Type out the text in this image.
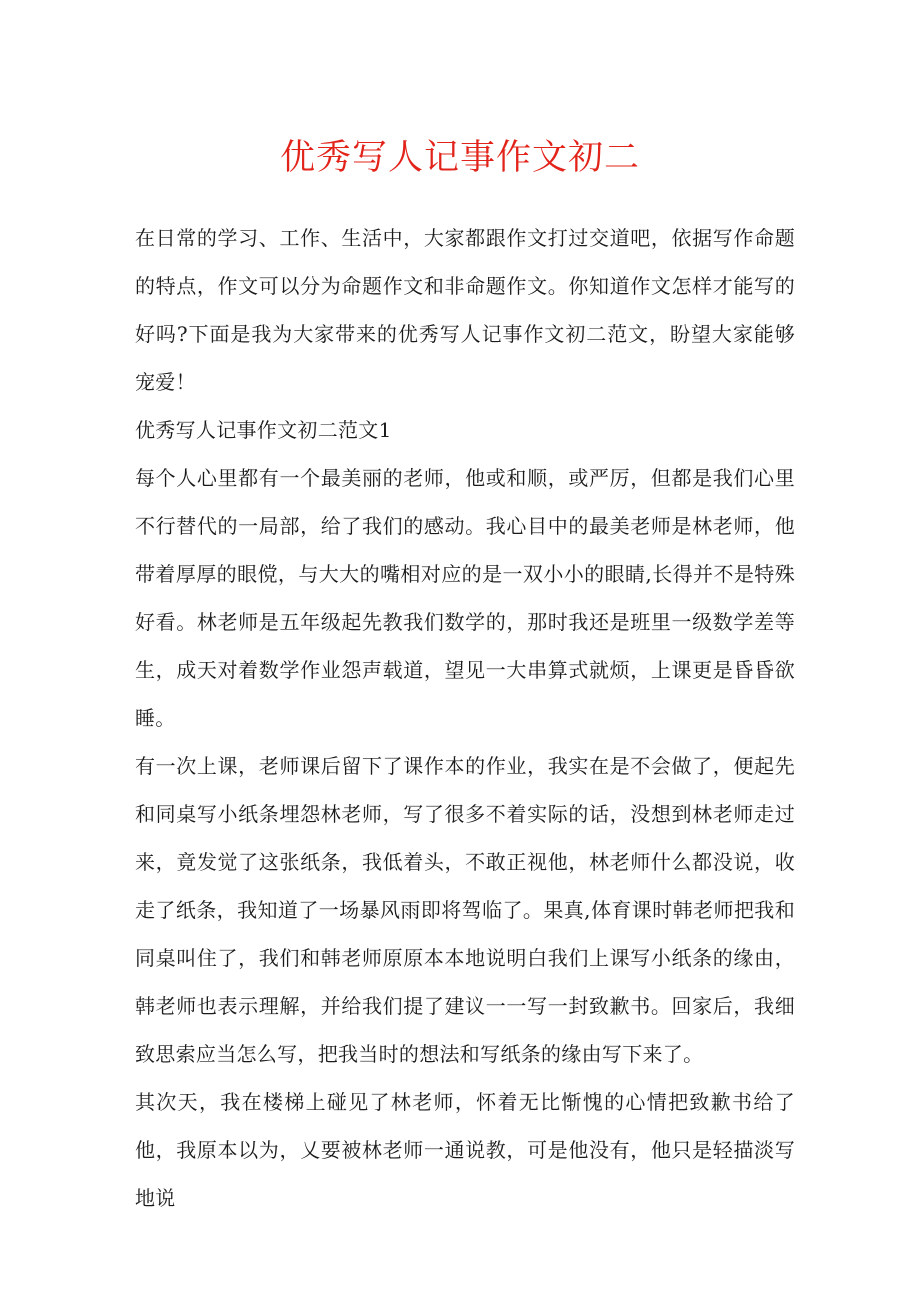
优秀写人记事作文初二

在日常的学习、工作、生活中，大家都跟作文打过交道吧，依据写作命题的特点，作文可以分为命题作文和非命题作文。你知道作文怎样才能写的好吗?下面是我为大家带来的优秀写人记事作文初二范文，盼望大家能够宠爱！

优秀写人记事作文初二范文1

每个人心里都有一个最美丽的老师，他或和顺，或严厉，但都是我们心里不行替代的一局部，给了我们的感动。我心目中的最美老师是林老师，他带着厚厚的眼傥，与大大的嘴相对应的是一双小小的眼睛,长得并不是特殊好看。林老师是五年级起先教我们数学的，那时我还是班里一级数学差等生，成天对着数学作业怨声载道，望见一大串算式就烦，上课更是昏昏欲睡。

有一次上课，老师课后留下了课作本的作业，我实在是不会做了，便起先和同桌写小纸条埋怨林老师，写了很多不着实际的话，没想到林老师走过来，竟发觉了这张纸条，我低着头，不敢正视他，林老师什么都没说，收走了纸条，我知道了一场暴风雨即将驾临了。果真,体育课时韩老师把我和同桌叫住了，我们和韩老师原原本本地说明白我们上课写小纸条的缘由，韩老师也表示理解，并给我们提了建议一一写一封致歉书。回家后，我细致思索应当怎么写，把我当时的想法和写纸条的缘由写下来了。

其次天，我在楼梯上碰见了林老师，怀着无比惭愧的心情把致歉书给了他，我原本以为，乂要被林老师一通说教，可是他没有，他只是轻描淡写地说
